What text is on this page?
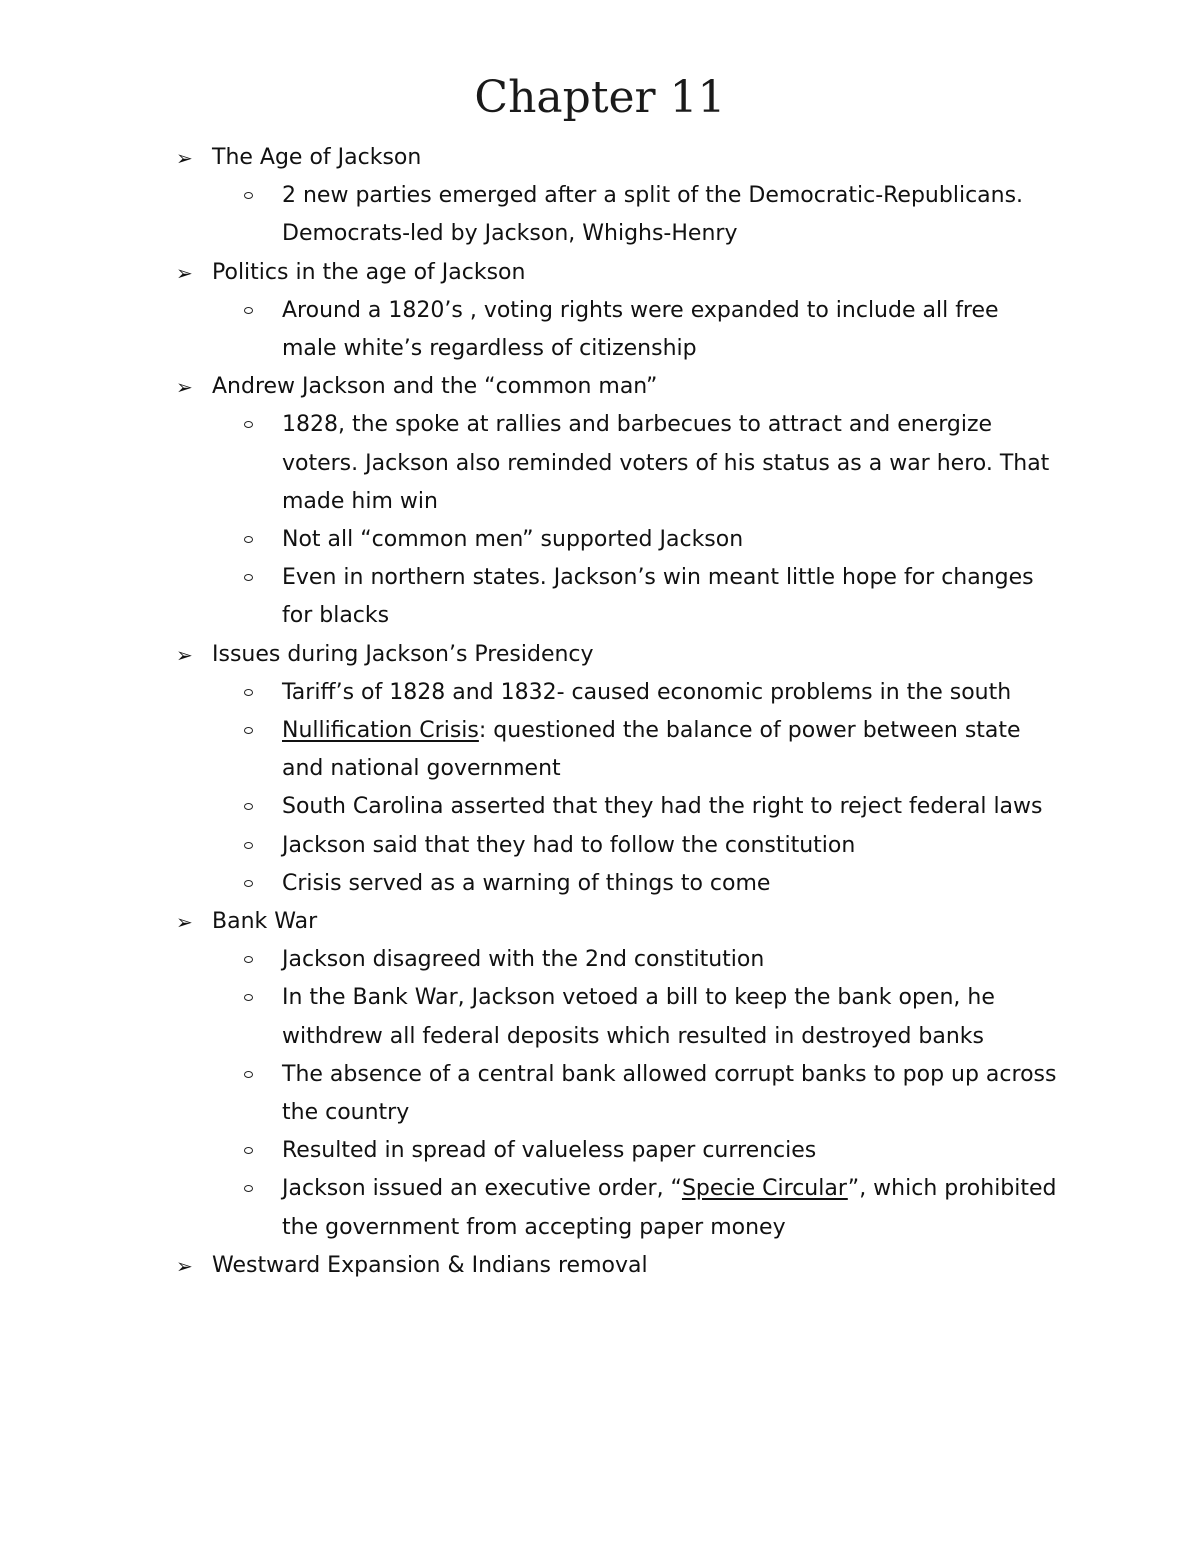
Chapter 11
➢ The Age of Jackson
2 new parties emerged after a split of the Democratic-Republicans. Democrats-led by Jackson, Whighs-Henry
➢ Politics in the age of Jackson
Around a 1820’s , voting rights were expanded to include all free male white’s regardless of citizenship
➢ Andrew Jackson and the “common man”
1828, the spoke at rallies and barbecues to attract and energize voters. Jackson also reminded voters of his status as a war hero. That made him win
Not all “common men” supported Jackson
Even in northern states. Jackson’s win meant little hope for changes for blacks
➢ Issues during Jackson’s Presidency
Tariff’s of 1828 and 1832- caused economic problems in the south
Nullification Crisis: questioned the balance of power between state and national government
South Carolina asserted that they had the right to reject federal laws
Jackson said that they had to follow the constitution
Crisis served as a warning of things to come
➢ Bank War
Jackson disagreed with the 2nd constitution
In the Bank War, Jackson vetoed a bill to keep the bank open, he withdrew all federal deposits which resulted in destroyed banks
The absence of a central bank allowed corrupt banks to pop up across the country
Resulted in spread of valueless paper currencies
Jackson issued an executive order, “Specie Circular”, which prohibited the government from accepting paper money
➢ Westward Expansion & Indians removal
